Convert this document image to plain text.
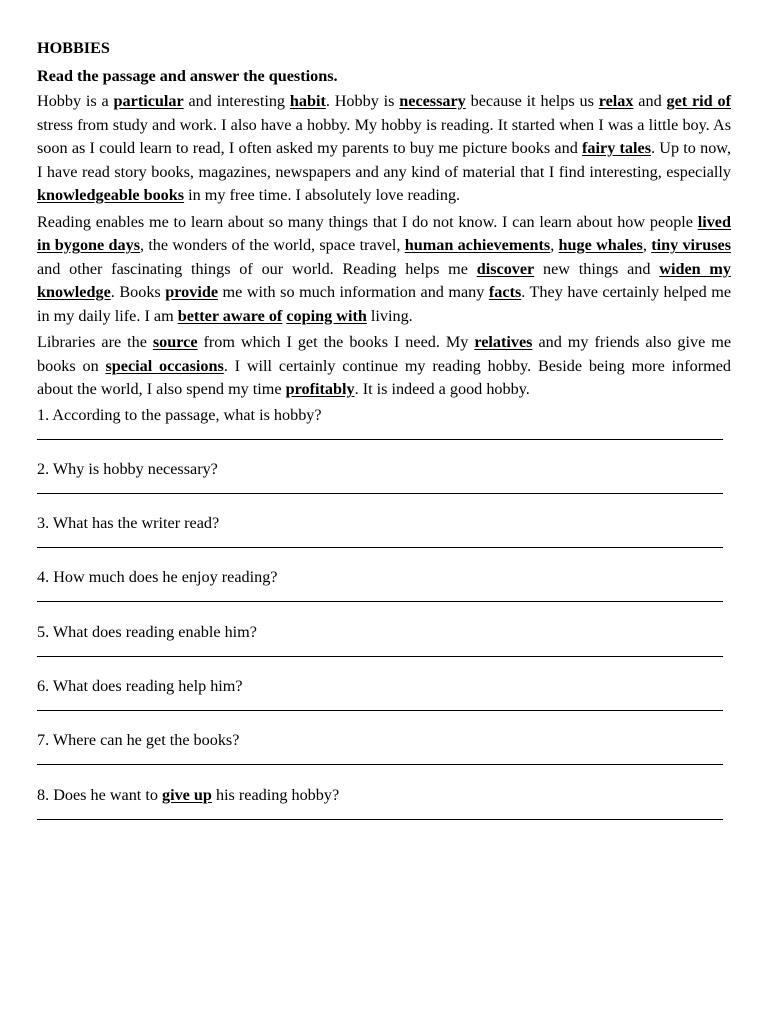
HOBBIES

Read the passage and answer the questions.

Hobby is a particular and interesting habit. Hobby is necessary because it helps us relax and get rid of stress from study and work. I also have a hobby. My hobby is reading. It started when I was a little boy. As soon as I could learn to read, I often asked my parents to buy me picture books and fairy tales. Up to now, I have read story books, magazines, newspapers and any kind of material that I find interesting, especially knowledgeable books in my free time. I absolutely love reading.

Reading enables me to learn about so many things that I do not know. I can learn about how people lived in bygone days, the wonders of the world, space travel, human achievements, huge whales, tiny viruses and other fascinating things of our world. Reading helps me discover new things and widen my knowledge. Books provide me with so much information and many facts. They have certainly helped me in my daily life. I am better aware of coping with living.

Libraries are the source from which I get the books I need. My relatives and my friends also give me books on special occasions. I will certainly continue my reading hobby. Beside being more informed about the world, I also spend my time profitably. It is indeed a good hobby.

1. According to the passage, what is hobby?

2. Why is hobby necessary?

3. What has the writer read?

4. How much does he enjoy reading?

5. What does reading enable him?

6. What does reading help him?

7. Where can he get the books?

8. Does he want to give up his reading hobby?
